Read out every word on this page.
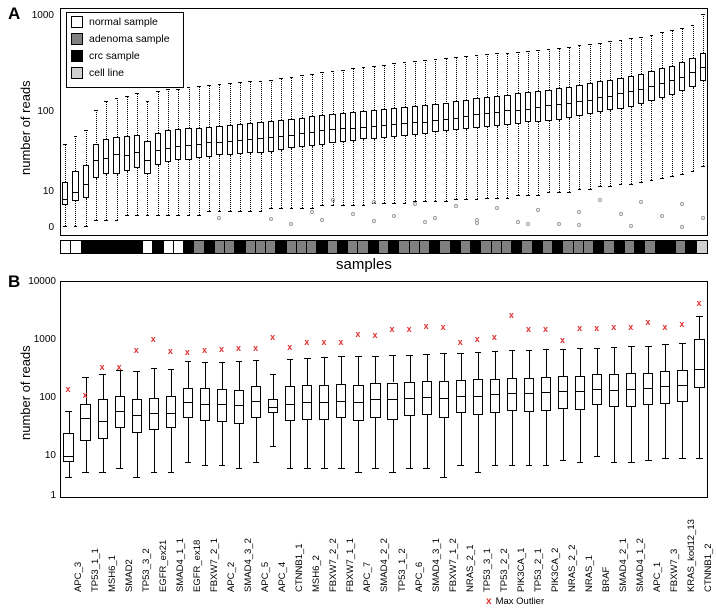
A
number of reads
1000
100
10
0
normal sample
adenoma sample
crc sample
cell line
samples
B
number of reads
10000
1000
100
10
1
x
x
x x
x
x
x x x x x x
x
x
x x x
x x
x x x x
x x x
x
x x
x
x x x x
x
x x
x
APC_3 TP53_1_1 MSH6_1 SMAD2 TP53_3_2 EGFR_ex21 SMAD4_1_1 EGFR_ex18 FBXW7_2_1 APC_2 SMAD4_3_2 APC_5 APC_4 CTNNB1_1 MSH6_2 FBXW7_2_2 FBXW7_1_1 APC_7 SMAD4_2_2 TP53_1_2 APC_6 SMAD4_3_1 FBXW7_1_2 NRAS_2_1 TP53_3_1 TP53_2_2 PIK3CA_1 TP53_2_1 PIK3CA_2 NRAS_2_2 NRAS_1 BRAF SMAD4_2_1 SMAD4_1_2 APC_1 FBXW7_3 KRAS_kod12_13 CTNNB1_2
x Max Outlier
